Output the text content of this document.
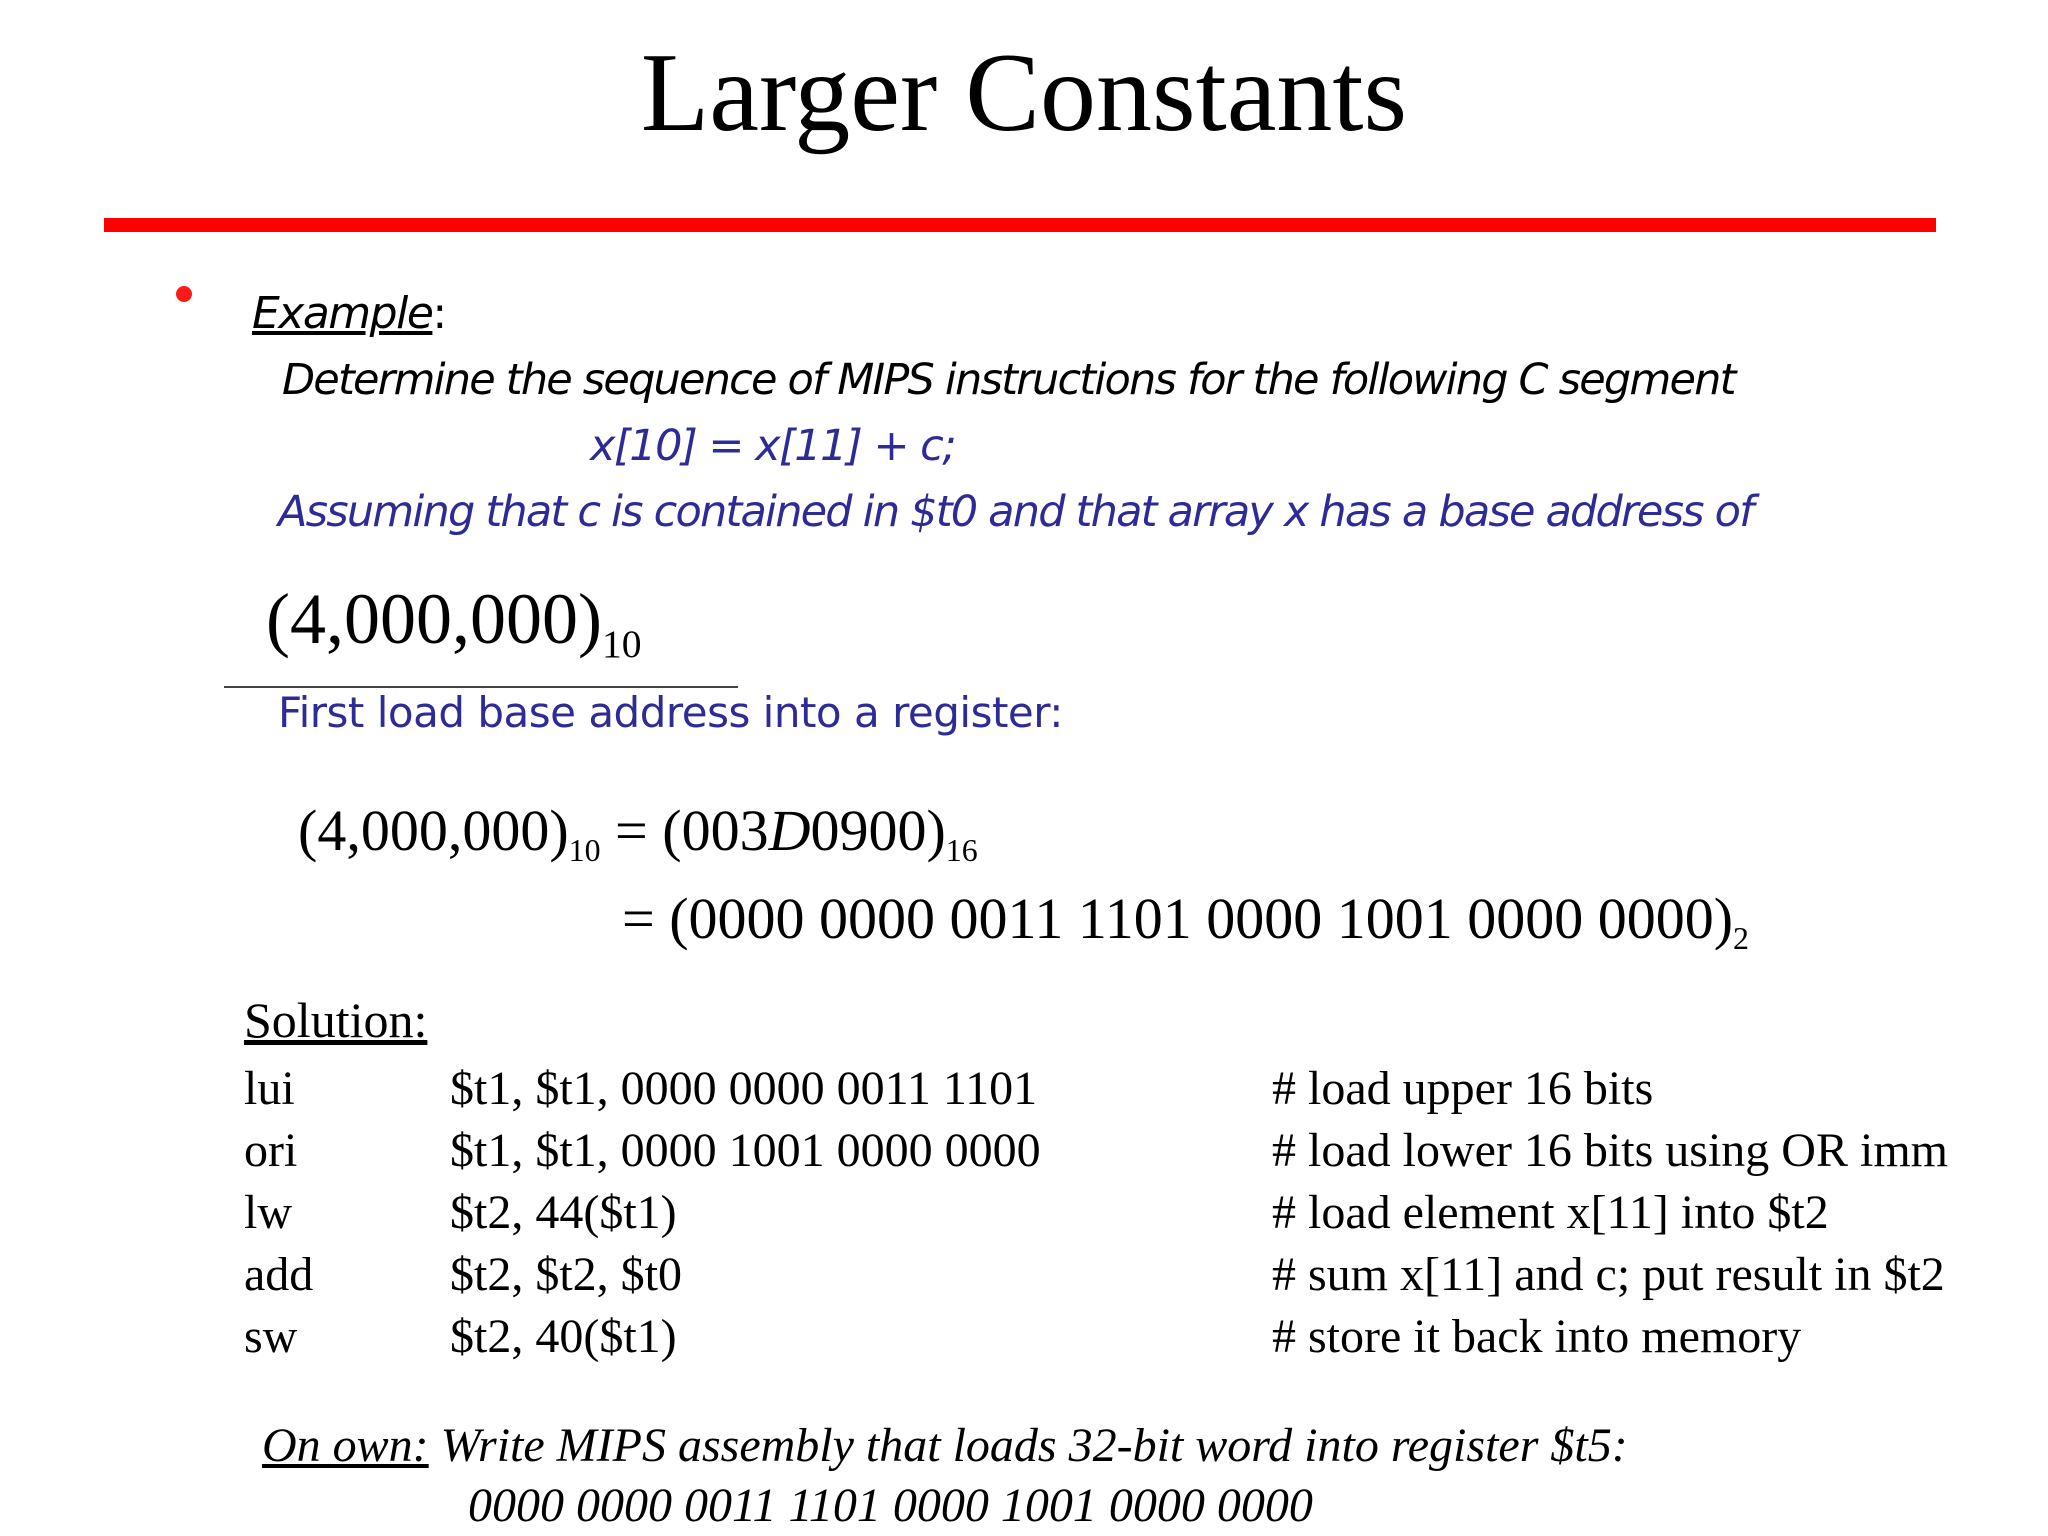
Larger Constants
Example:
Determine the sequence of MIPS instructions for the following C segment
x[10] = x[11] + c;
Assuming that c is contained in $t0 and that array x has a base address of
$(4,000,000)_{10}$
First load base address into a register:
$(4,000,000)_{10} = (003D0900)_{16}$
= (0000 0000 0011 1101 0000 1001 0000 $0000)_2$
Solution:
lui	$t1, $t1, 0000 0000 0011 1101	# load upper 16 bits
ori	$t1, $t1, 0000 1001 0000 0000	# load lower 16 bits using OR imm
lw	$t2, 44($t1)	# load element x[11] into $t2
add	$t2, $t2, $t0	# sum x[11] and c; put result in $t2
sw	$t2, 40($t1)	# store it back into memory
On own: Write MIPS assembly that loads 32-bit word into register $t5:
0000 0000 0011 1101 0000 1001 0000 0000
